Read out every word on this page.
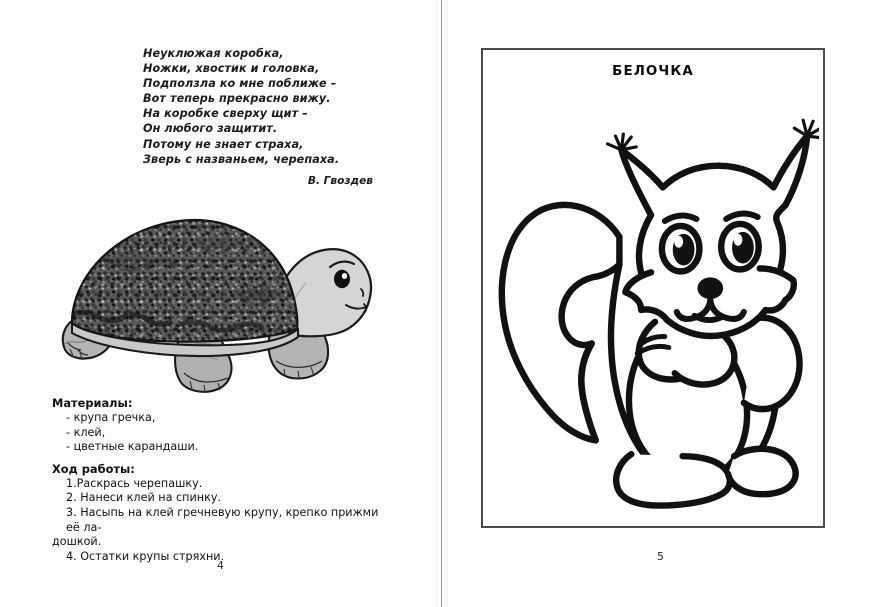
Неуклюжая коробка,
Ножки, хвостик и головка,
Подползла ко мне поближе –
Вот теперь прекрасно вижу.
На коробке сверху щит –
Он любого защитит.
Потому не знает страха,
Зверь с названьем, черепаха.
В. Гвоздев
Материалы:
- крупа гречка,
- клей,
- цветные карандаши.
Ход работы:
1.Раскрась черепашку.
2. Нанеси клей на спинку.
3. Насыпь на клей гречневую крупу, крепко прижми её ла-
дошкой.
4. Остатки крупы стряхни.
4
БЕЛОЧКА
5
